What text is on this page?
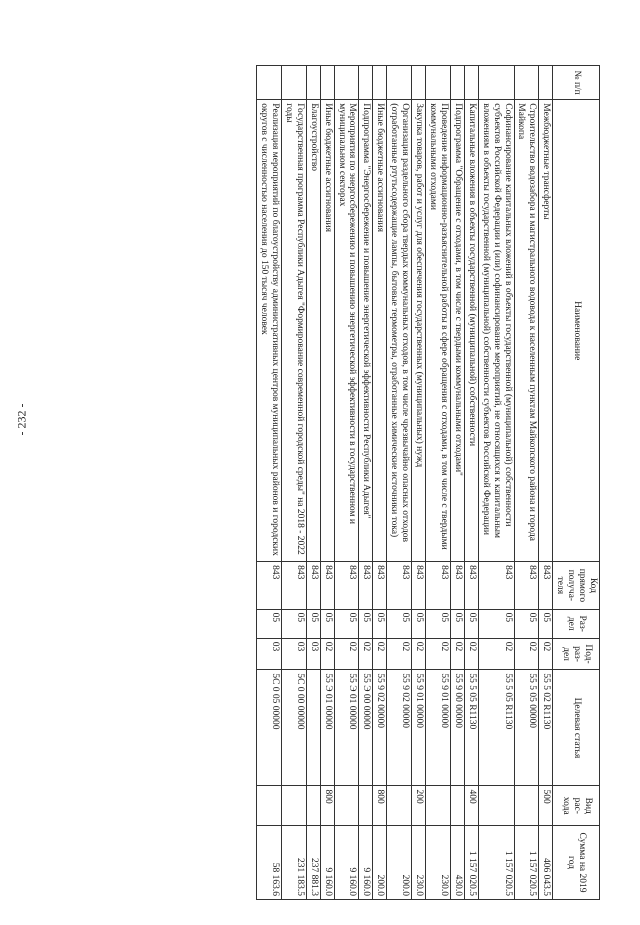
- 232 -
№ п/п	Наименование	Код прямого получа-теля	Раз-дел	Под-раз-дел	Целевая статья	Вид рас-хода	Сумма на 2019 год
	Межбюджетные трансферты	843	05	02	55 5 02 R1130	500	406 043.5
	Строительство водозабора и магистрального водовода к населенным пунктам Майкопского района и города Майкопа	843	05	02	55 5 05 00000		1 157 020.5
	Софинансирование капитальных вложений в объекты государственной (муниципальной) собственности субъектов Российской Федерации и (или) софинансирование мероприятий, не относящихся к капитальным вложениям в объекты государственной (муниципальной) собственности субъектов Российской Федерации	843	05	02	55 5 05 R1130		1 157 020.5
	Капитальные вложения в объекты государственной (муниципальной) собственности	843	05	02	55 5 05 R1130	400	1 157 020.5
	Подпрограмма "Обращение с отходами, в том числе с твердыми коммунальными отходами"	843	05	02	55 9 00 00000		430.0
	Проведение информационно-разъяснительной работы в сфере обращения с отходами, в том числе с твердыми коммунальными отходами	843	05	02	55 9 01 00000		230.0
	Закупка товаров, работ и услуг для обеспечения государственных (муниципальных) нужд	843	05	02	55 9 01 00000	200	230.0
	Организация раздельного сбора твердых коммунальных отходов, в том числе чрезвычайно опасных отходов (отработанные ртутьсодержащие лампы, бытовые термометры, отработанные химические источники тока)	843	05	02	55 9 02 00000		200.0
	Иные бюджетные ассигнования	843	05	02	55 9 02 00000	800	200.0
	Подпрограмма "Энергосбережение и повышение энергетической эффективности Республики Адыгея"	843	05	02	55 Э 00 00000		9 160.0
	Мероприятия по энергосбережению и повышению энергетической эффективности в государственном и муниципальном секторах	843	05	02	55 Э 01 00000		9 160.0
	Иные бюджетные ассигнования	843	05	02	55 Э 01 00000	800	9 160.0
	Благоустройство	843	05	03			237 881.3
	Государственная программа Республики Адыгея "Формирование современной городской среды" на 2018 - 2022 годы	843	05	03	5С 0 00 00000		231 183.5
	Реализация мероприятий по благоустройству административных центров муниципальных районов и городских округов с численностью населения до 150 тысяч человек	843	05	03	5С 0 05 00000		58 163.6
